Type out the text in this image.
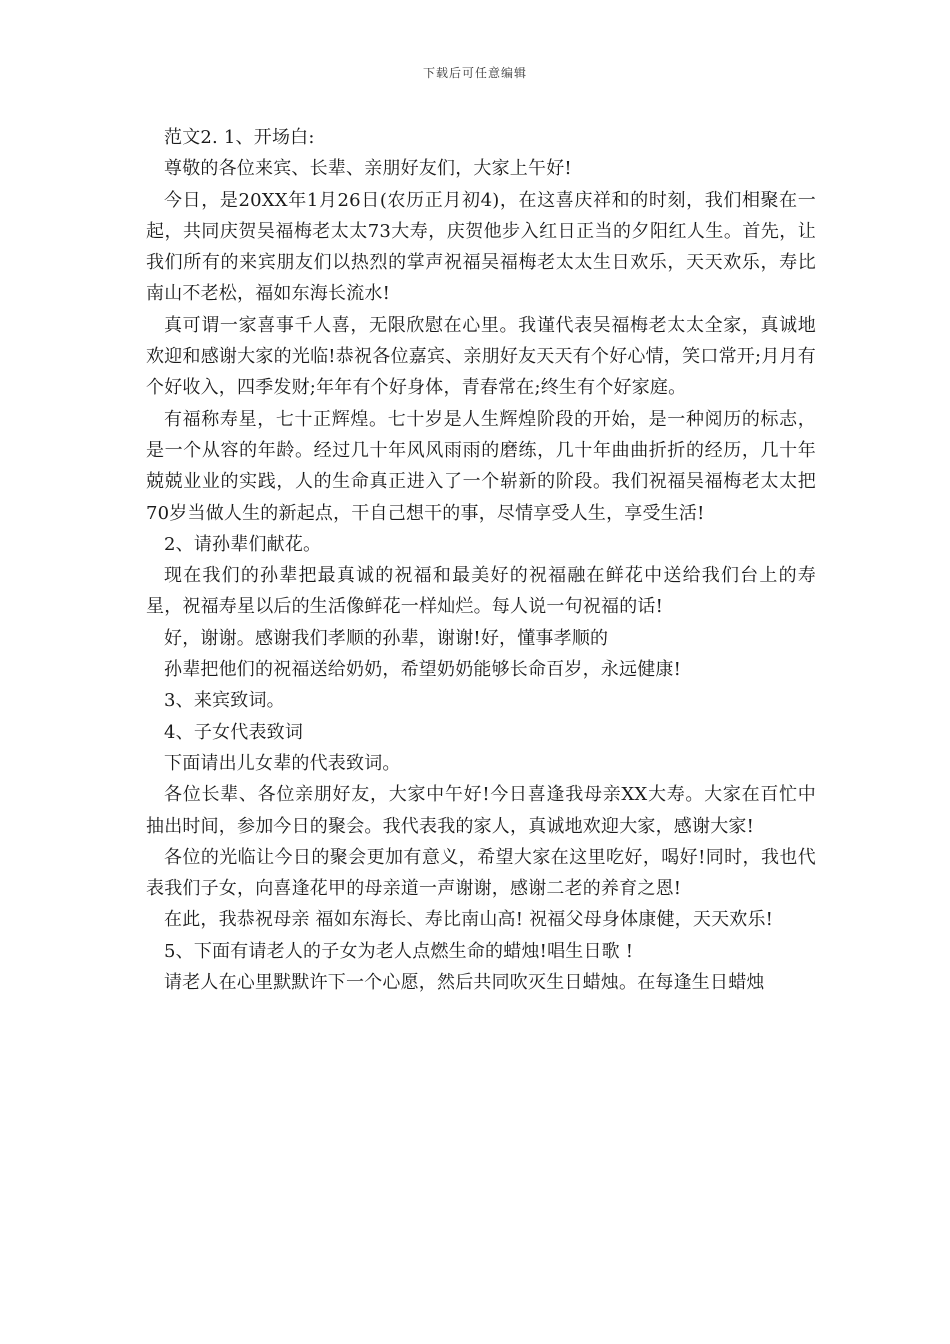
下载后可任意编辑

范文2. 1、开场白:

尊敬的各位来宾、长辈、亲朋好友们，大家上午好!

今日，是20XX年1月26日(农历正月初4)，在这喜庆祥和的时刻，我们相聚在一起，共同庆贺吴福梅老太太73大寿，庆贺他步入红日正当的夕阳红人生。首先，让我们所有的来宾朋友们以热烈的掌声祝福吴福梅老太太生日欢乐，天天欢乐，寿比南山不老松，福如东海长流水!

真可谓一家喜事千人喜，无限欣慰在心里。我谨代表吴福梅老太太全家，真诚地欢迎和感谢大家的光临!恭祝各位嘉宾、亲朋好友天天有个好心情，笑口常开;月月有个好收入，四季发财;年年有个好身体，青春常在;终生有个好家庭。

有福称寿星，七十正辉煌。七十岁是人生辉煌阶段的开始，是一种阅历的标志，是一个从容的年龄。经过几十年风风雨雨的磨练，几十年曲曲折折的经历，几十年兢兢业业的实践，人的生命真正进入了一个崭新的阶段。我们祝福吴福梅老太太把70岁当做人生的新起点，干自己想干的事，尽情享受人生，享受生活!

2、请孙辈们献花。

现在我们的孙辈把最真诚的祝福和最美好的祝福融在鲜花中送给我们台上的寿星，祝福寿星以后的生活像鲜花一样灿烂。每人说一句祝福的话!

好，谢谢。感谢我们孝顺的孙辈，谢谢!好，懂事孝顺的

孙辈把他们的祝福送给奶奶，希望奶奶能够长命百岁，永远健康!

3、来宾致词。

4、子女代表致词

下面请出儿女辈的代表致词。

各位长辈、各位亲朋好友，大家中午好!今日喜逢我母亲XX大寿。大家在百忙中抽出时间，参加今日的聚会。我代表我的家人，真诚地欢迎大家，感谢大家!

各位的光临让今日的聚会更加有意义，希望大家在这里吃好，喝好!同时，我也代表我们子女，向喜逢花甲的母亲道一声谢谢，感谢二老的养育之恩!

在此，我恭祝母亲 福如东海长、寿比南山高! 祝福父母身体康健，天天欢乐!

5、下面有请老人的子女为老人点燃生命的蜡烛!唱生日歌 !

请老人在心里默默许下一个心愿，然后共同吹灭生日蜡烛。在每逢生日蜡烛
